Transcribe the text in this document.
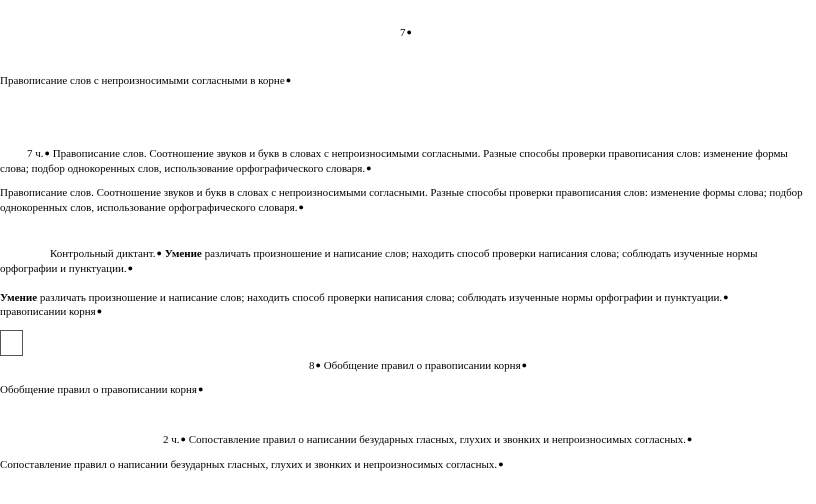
7●
Правописание слов с непроизносимыми согласными в корне●
7 ч.● Правописание слов. Соотношение звуков и букв в словах с непроизносимыми согласными. Разные способы проверки правописания слов: изменение формы слова; подбор однокоренных слов, использование орфографического словаря.●
Правописание слов. Соотношение звуков и букв в словах с непроизносимыми согласными. Разные способы проверки правописания слов: изменение формы слова; подбор однокоренных слов, использование орфографического словаря.●
Контрольный диктант.● Умение различать произношение и написание слов; находить способ проверки написания слова; соблюдать изученные нормы орфографии и пунктуации.●
Умение различать произношение и написание слов; находить способ проверки написания слова; соблюдать изученные нормы орфографии и пунктуации.●
правописании корня●
8● Обобщение правил о правописании корня●
Обобщение правил о правописании корня●
2 ч.● Сопоставление правил о написании безударных гласных, глухих и звонких и непроизносимых согласных.●
Сопоставление правил о написании безударных гласных, глухих и звонких и непроизносимых согласных.●
